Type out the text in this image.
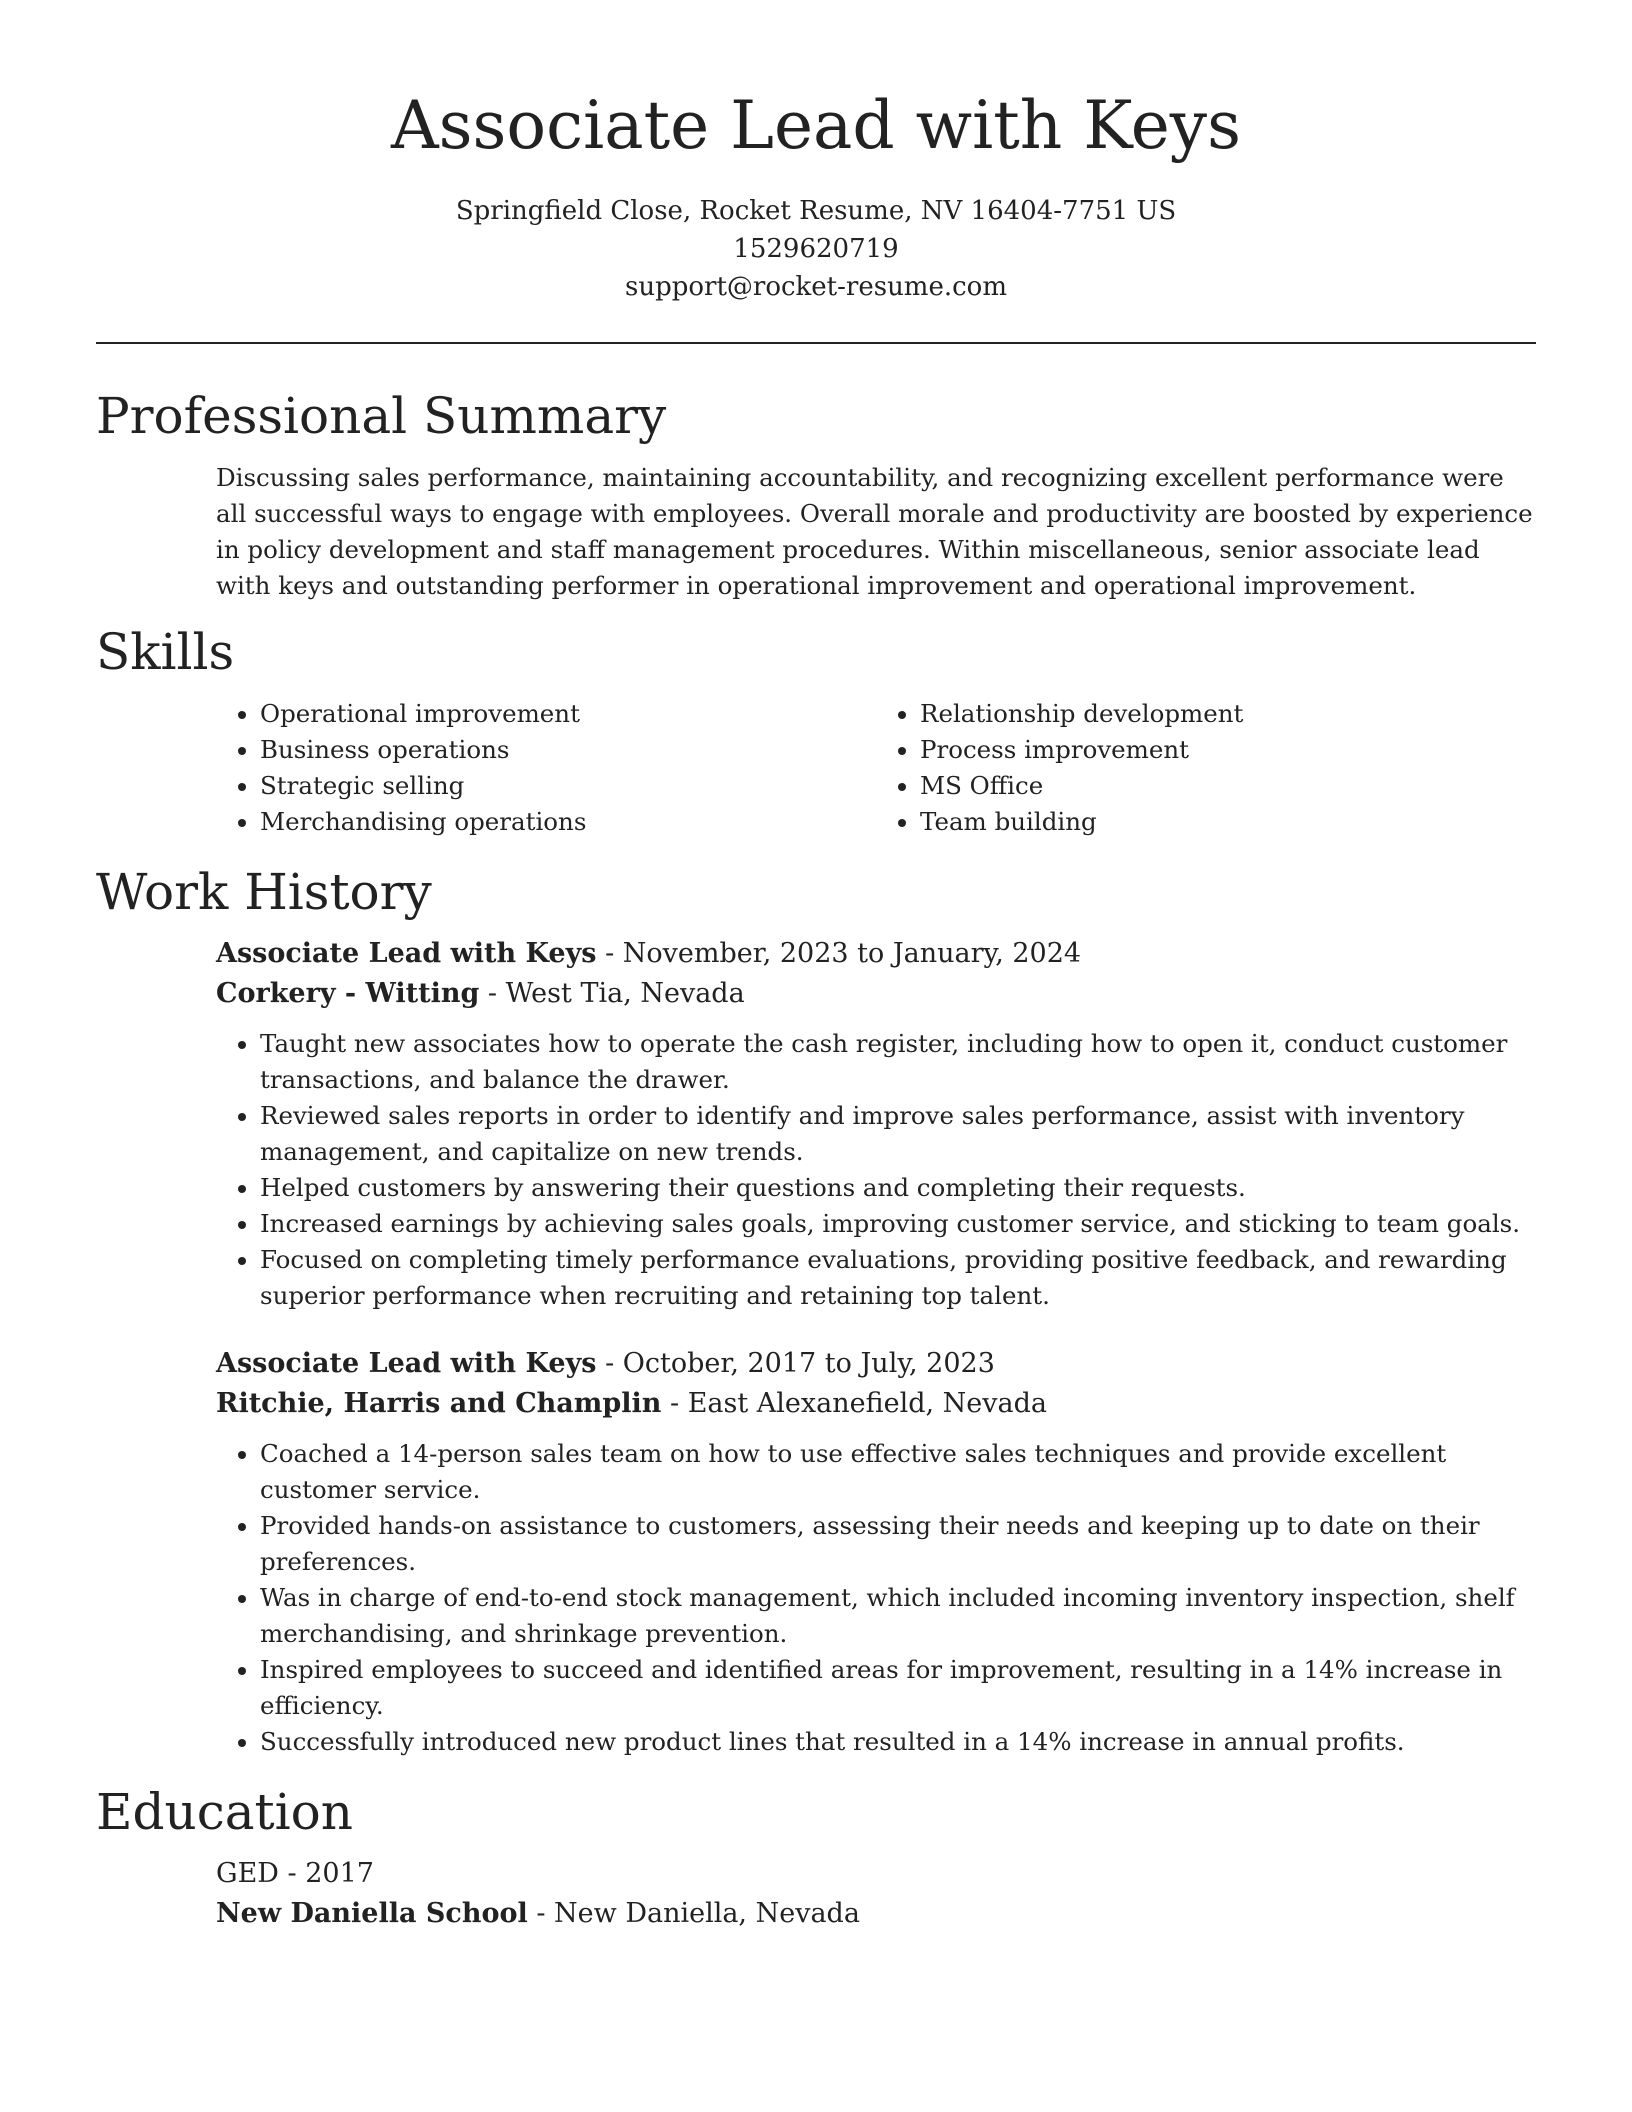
Associate Lead with Keys
Springfield Close, Rocket Resume, NV 16404-7751 US
1529620719
support@rocket-resume.com
Professional Summary
Discussing sales performance, maintaining accountability, and recognizing excellent performance were all successful ways to engage with employees. Overall morale and productivity are boosted by experience in policy development and staff management procedures. Within miscellaneous, senior associate lead with keys and outstanding performer in operational improvement and operational improvement.
Skills
• Operational improvement
• Business operations
• Strategic selling
• Merchandising operations
• Relationship development
• Process improvement
• MS Office
• Team building
Work History
Associate Lead with Keys - November, 2023 to January, 2024
Corkery - Witting - West Tia, Nevada
• Taught new associates how to operate the cash register, including how to open it, conduct customer transactions, and balance the drawer.
• Reviewed sales reports in order to identify and improve sales performance, assist with inventory management, and capitalize on new trends.
• Helped customers by answering their questions and completing their requests.
• Increased earnings by achieving sales goals, improving customer service, and sticking to team goals.
• Focused on completing timely performance evaluations, providing positive feedback, and rewarding superior performance when recruiting and retaining top talent.
Associate Lead with Keys - October, 2017 to July, 2023
Ritchie, Harris and Champlin - East Alexanefield, Nevada
• Coached a 14-person sales team on how to use effective sales techniques and provide excellent customer service.
• Provided hands-on assistance to customers, assessing their needs and keeping up to date on their preferences.
• Was in charge of end-to-end stock management, which included incoming inventory inspection, shelf merchandising, and shrinkage prevention.
• Inspired employees to succeed and identified areas for improvement, resulting in a 14% increase in efficiency.
• Successfully introduced new product lines that resulted in a 14% increase in annual profits.
Education
GED - 2017
New Daniella School - New Daniella, Nevada
